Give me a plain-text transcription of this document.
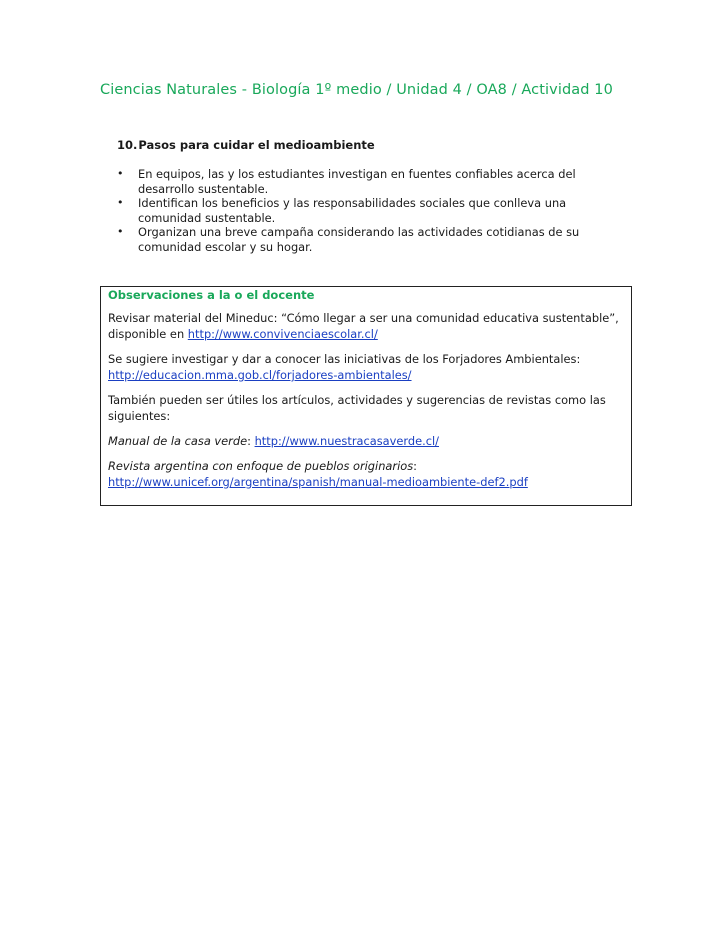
Ciencias Naturales - Biología 1º medio / Unidad 4 / OA8 / Actividad 10

10.Pasos para cuidar el medioambiente

• En equipos, las y los estudiantes investigan en fuentes confiables acerca del desarrollo sustentable.
• Identifican los beneficios y las responsabilidades sociales que conlleva una comunidad sustentable.
• Organizan una breve campaña considerando las actividades cotidianas de su comunidad escolar y su hogar.

Observaciones a la o el docente

Revisar material del Mineduc: “Cómo llegar a ser una comunidad educativa sustentable”, disponible en http://www.convivenciaescolar.cl/

Se sugiere investigar y dar a conocer las iniciativas de los Forjadores Ambientales:
http://educacion.mma.gob.cl/forjadores-ambientales/

También pueden ser útiles los artículos, actividades y sugerencias de revistas como las siguientes:

Manual de la casa verde: http://www.nuestracasaverde.cl/

Revista argentina con enfoque de pueblos originarios:
http://www.unicef.org/argentina/spanish/manual-medioambiente-def2.pdf
